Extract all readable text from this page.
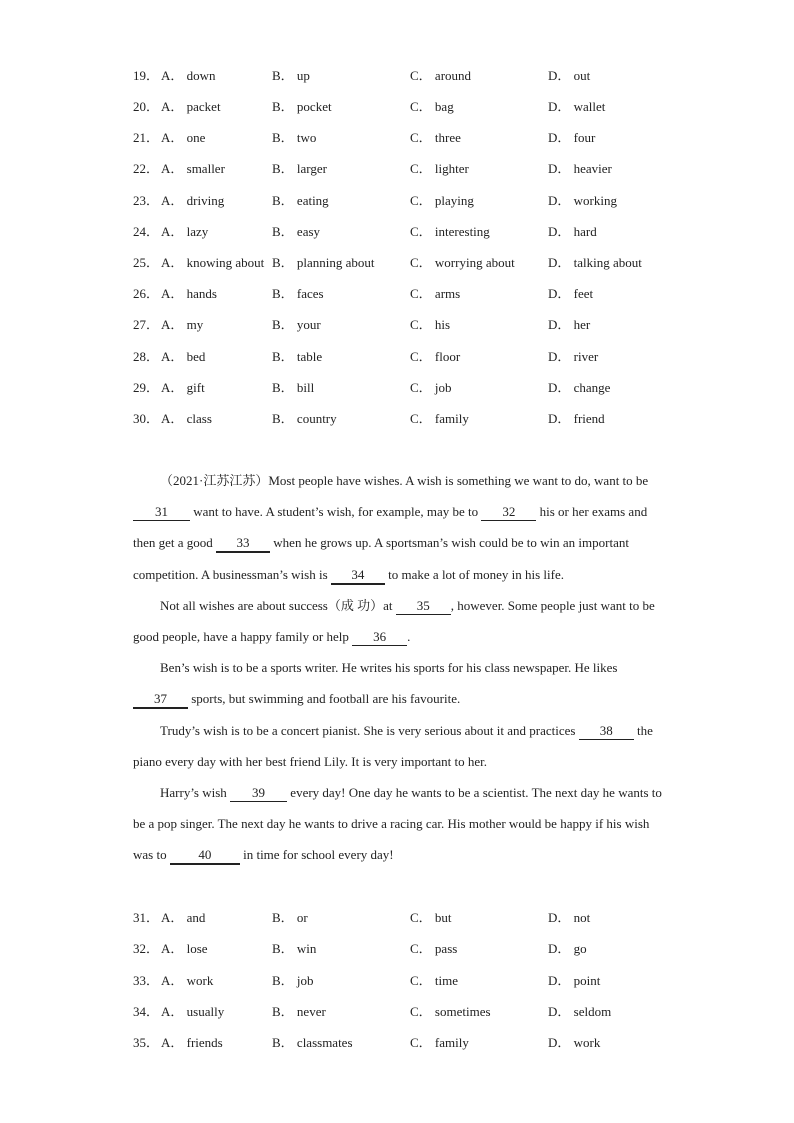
19． A． down	B． up	C． around	D． out
20． A． packet	B． pocket	C． bag	D． wallet
21． A． one	B． two	C． three	D． four
22． A． smaller	B． larger	C． lighter	D． heavier
23． A． driving	B． eating	C． playing	D． working
24． A． lazy	B． easy	C． interesting	D． hard
25． A． knowing about B． planning about	C． worrying about	D． talking about
26． A． hands	B． faces	C． arms	D． feet
27． A． my	B． your	C． his	D． her
28． A． bed	B． table	C． floor	D． river
29． A． gift	B． bill	C． job	D． change
30． A． class	B． country	C． family	D． friend

（2021·江苏江苏）Most people have wishes. A wish is something we want to do, want to be 31 want to have. A student’s wish, for example, may be to 32 his or her exams and then get a good 33 when he grows up. A sportsman’s wish could be to win an important competition. A businessman’s wish is 34 to make a lot of money in his life.

Not all wishes are about success（成 功）at 35 , however. Some people just want to be good people, have a happy family or help 36 .

Ben’s wish is to be a sports writer. He writes his sports for his class newspaper. He likes 37 sports, but swimming and football are his favourite.

Trudy’s wish is to be a concert pianist. She is very serious about it and practices 38 the piano every day with her best friend Lily. It is very important to her.

Harry’s wish 39 every day! One day he wants to be a scientist. The next day he wants to be a pop singer. The next day he wants to drive a racing car. His mother would be happy if his wish was to 40 in time for school every day!

31． A． and	B． or	C． but	D． not
32． A． lose	B． win	C． pass	D． go
33． A． work	B． job	C． time	D． point
34． A． usually	B． never	C． sometimes	D． seldom
35． A． friends	B． classmates	C． family	D． work
